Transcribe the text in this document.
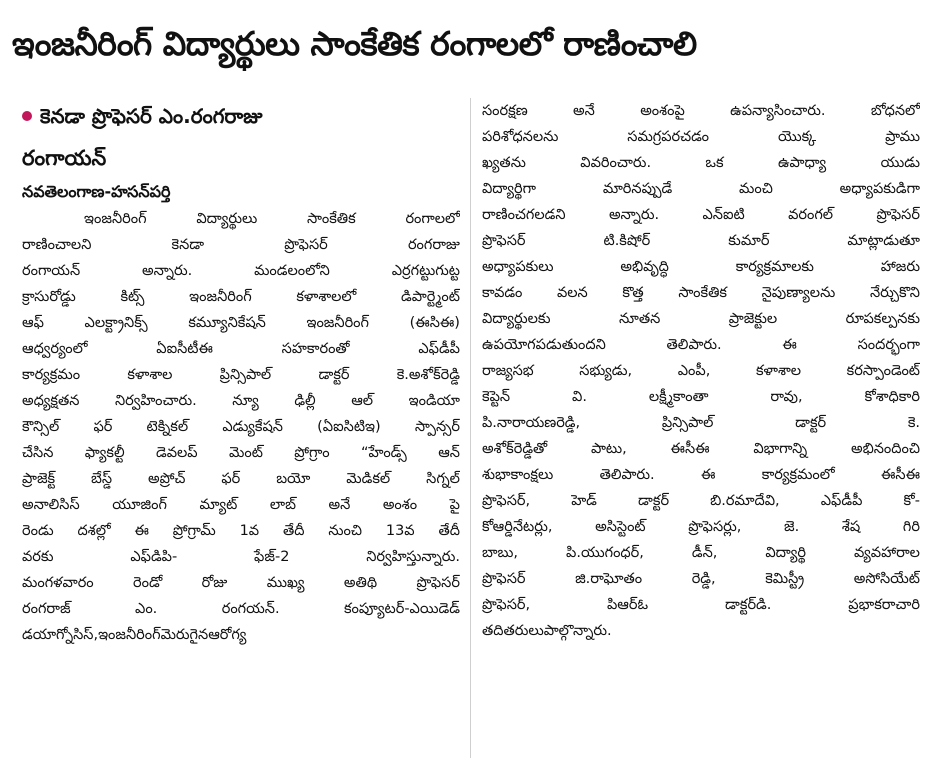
ఇంజనీరింగ్ విద్యార్థులు సాంకేతిక రంగాలలో రాణించాలి
కెనడా ప్రొఫెసర్ ఎం.రంగరాజు
రంగాయన్
నవతెలంగాణ-హసన్‌పర్తి
ఇంజనీరింగ్	విద్యార్థులు	సాంకేతిక	రంగాలలో
రాణించాలని	కెనడా	ప్రొఫెసర్	రంగరాజు
రంగాయన్	అన్నారు.	మండలంలోని	ఎర్రగట్టుగుట్ట
క్రాసురోడ్డు	కిట్స్	ఇంజనీరింగ్	కళాశాలలో	డిపార్ట్మెంట్
ఆఫ్	ఎలక్ట్రానిక్స్	కమ్యూనికేషన్	ఇంజనీరింగ్	(ఈసిఈ)
ఆధ్వర్యంలో	ఏఐసీటీఈ	సహకారంతో	ఎఫ్‌డీపీ
కార్యక్రమం	కళాశాల	ప్రిన్సిపాల్	డాక్టర్	కె.అశోక్‌రెడ్డి
అధ్యక్షతన నిర్వహించారు. న్యూ ఢిల్లీ ఆల్ ఇండియా
కౌన్సిల్ ఫర్ టెక్నికల్ ఎడ్యుకేషన్ (ఏఐసిటిఇ) స్పాన్సర్
చేసిన ఫ్యాకల్టీ డెవలప్ మెంట్ ప్రోగ్రాం “హేండ్స్ ఆన్
ప్రాజెక్ట్ బేస్డ్ అప్రోచ్ ఫర్ బయో మెడికల్ సిగ్నల్
అనాలిసిస్ యూజింగ్ మ్యాట్ లాబ్ అనే అంశం పై
రెండు దశల్లో ఈ ప్రోగ్రామ్ 1వ తేదీ నుంచి 13వ తేదీ
వరకు	ఎఫ్‌డిపి-	ఫేజ్-2	నిర్వహిస్తున్నారు.
మంగళవారం	రెండో	రోజు	ముఖ్య	అతిథి	ప్రొఫెసర్
రంగరాజ్	ఎం.	రంగయన్.	కంప్యూటర్-ఎయిడెడ్
డయాగ్నోసిస్, ఇంజనీరింగ్ మెరుగైన ఆరోగ్య
సంరక్షణ	అనే	అంశంపై	ఉపన్యాసించారు.	బోధనలో
పరిశోధనలను	సమగ్రపరచడం	యొక్క	ప్రాము
ఖ్యతను	వివరించారు.	ఒక	ఉపాధ్యా	యుడు
విద్యార్థిగా	మారినప్పుడే	మంచి	అధ్యాపకుడిగా
రాణించగలడని	అన్నారు.	ఎన్ఐటి	వరంగల్	ప్రొఫెసర్
ప్రొఫెసర్	టి.కిషోర్	కుమార్	మాట్లాడుతూ
అధ్యాపకులు	అభివృద్ధి	కార్యక్రమాలకు	హాజరు
కావడం వలన కొత్త సాంకేతిక నైపుణ్యాలను నేర్చుకొని
విద్యార్థులకు	నూతన	ప్రాజెక్టుల	రూపకల్పనకు
ఉపయోగపడుతుందని	తెలిపారు.	ఈ	సందర్భంగా
రాజ్యసభ	సభ్యుడు,	ఎంపీ,	కళాశాల	కరస్పాండెంట్
కెప్టెన్	వి.	లక్ష్మీకాంతా	రావు,	కోశాధికారి
పి.నారాయణరెడ్డి,	ప్రిన్సిపాల్	డాక్టర్	కె.
అశోక్‌రెడ్డితో	పాటు,	ఈసీఈ	విభాగాన్ని	అభినందించి
శుభాకాంక్షలు	తెలిపారు.	ఈ	కార్యక్రమంలో	ఈసీఈ
ప్రొఫెసర్,	హెడ్	డాక్టర్	బి.రమాదేవి,	ఎఫ్‌డీపీ	కో-
కోఆర్డినేటర్లు,	అసిస్టెంట్	ప్రొఫెసర్లు,	జె.	శేష	గిరి
బాబు,	పి.యుగంధర్,	డీన్,	విద్యార్థి	వ్యవహారాల
ప్రొఫెసర్	జి.రాఘోతం	రెడ్డి,	కెమిస్ట్రీ	అసోసియేట్
ప్రొఫెసర్,	పిఆర్‌ఓ	డాక్టర్‌డి.	ప్రభాకరాచారి
తదితరులు పాల్గొన్నారు.
